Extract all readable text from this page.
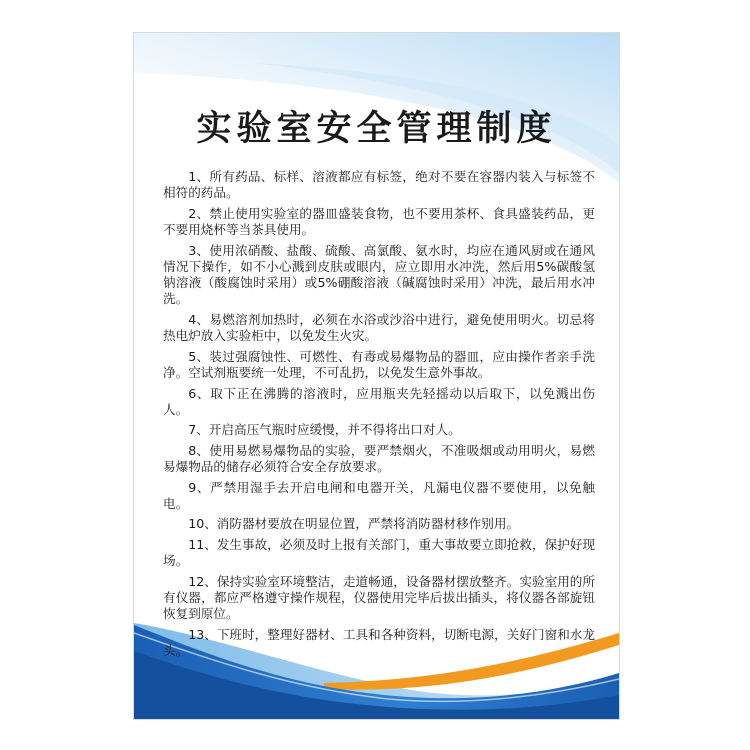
实验室安全管理制度
1、所有药品、标样、溶液都应有标签，绝对不要在容器内装入与标签不相符的药品。
2、禁止使用实验室的器皿盛装食物，也不要用茶杯、食具盛装药品，更不要用烧杯等当茶具使用。
3、使用浓硝酸、盐酸、硫酸、高氯酸、氨水时，均应在通风厨或在通风情况下操作，如不小心溅到皮肤或眼内，应立即用水冲洗，然后用5%碳酸氢钠溶液（酸腐蚀时采用）或5%硼酸溶液（碱腐蚀时采用）冲洗，最后用水冲洗。
4、易燃溶剂加热时，必须在水浴或沙浴中进行，避免使用明火。切忌将热电炉放入实验柜中，以免发生火灾。
5、装过强腐蚀性、可燃性、有毒或易爆物品的器皿，应由操作者亲手洗净。空试剂瓶要统一处理，不可乱扔，以免发生意外事故。
6、取下正在沸腾的溶液时，应用瓶夹先轻摇动以后取下，以免溅出伤人。
7、开启高压气瓶时应缓慢，并不得将出口对人。
8、使用易燃易爆物品的实验，要严禁烟火，不准吸烟或动用明火，易燃易爆物品的储存必须符合安全存放要求。
9、严禁用湿手去开启电闸和电器开关，凡漏电仪器不要使用，以免触电。
10、消防器材要放在明显位置，严禁将消防器材移作别用。
11、发生事故，必须及时上报有关部门，重大事故要立即抢救，保护好现场。
12、保持实验室环境整洁，走道畅通，设备器材摆放整齐。实验室用的所有仪器，都应严格遵守操作规程，仪器使用完毕后拔出插头，将仪器各部旋钮恢复到原位。
13、下班时，整理好器材、工具和各种资料，切断电源，关好门窗和水龙头。
